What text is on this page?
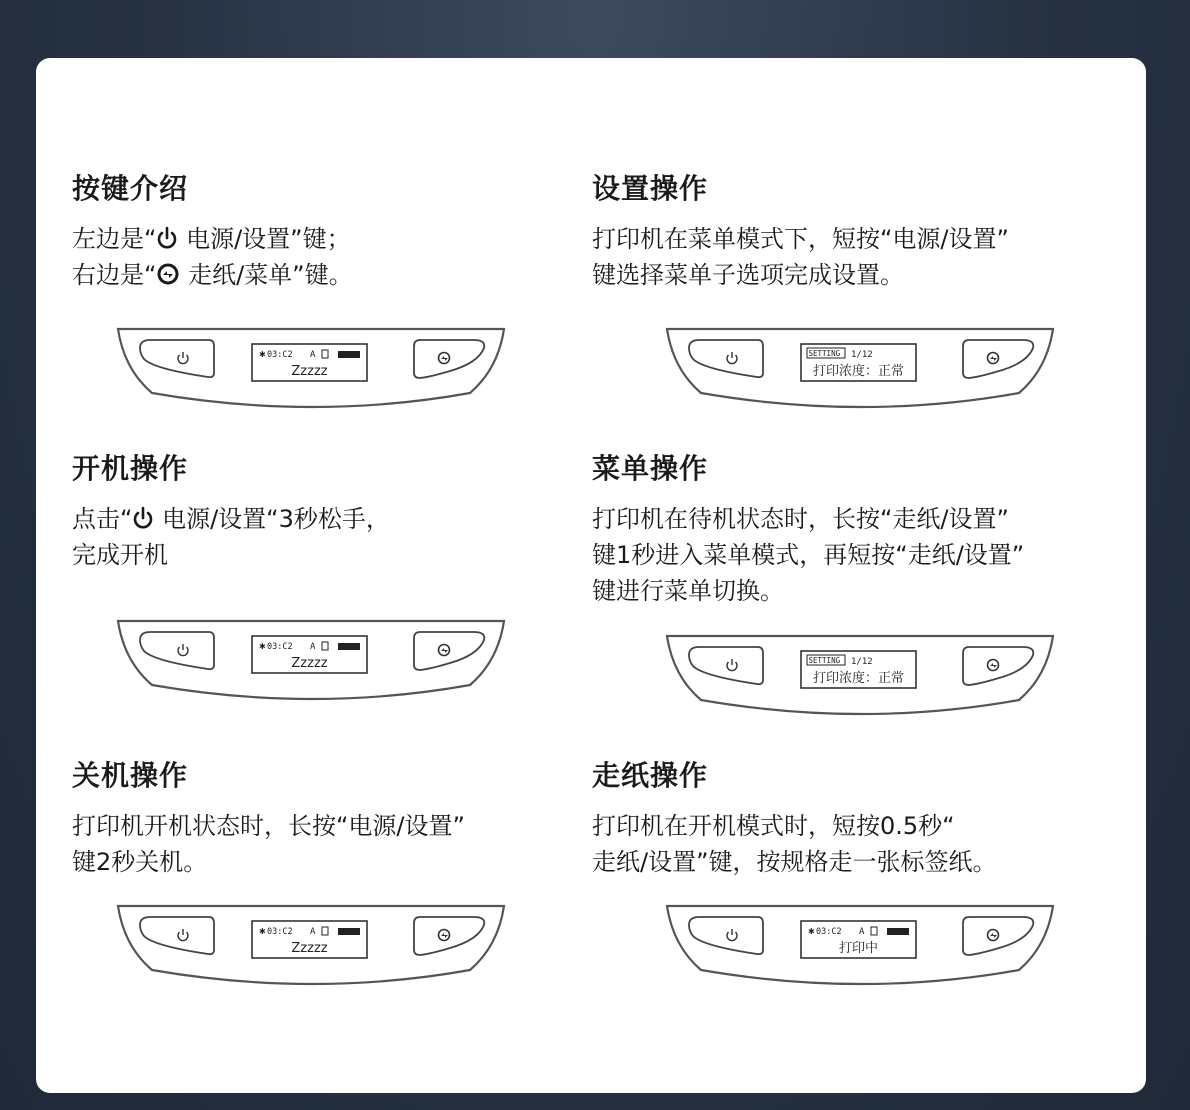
按键介绍
左边是“ 电源/设置”键；
右边是“ 走纸/菜单”键。
设置操作
打印机在菜单模式下，短按“电源/设置”
键选择菜单子选项完成设置。
开机操作
点击“ 电源/设置“3秒松手，
完成开机
菜单操作
打印机在待机状态时，长按“走纸/设置”
键1秒进入菜单模式，再短按“走纸/设置”
键进行菜单切换。
关机操作
打印机开机状态时，长按“电源/设置”
键2秒关机。
走纸操作
打印机在开机模式时，短按0.5秒“
走纸/设置”键，按规格走一张标签纸。
✱ 03:C2 A
Zzzzz
SETTING 1/12
打印浓度：正常
✱ 03:C2 A
Zzzzz	SETTING 1/12
打印浓度：正常
✱ 03:C2 A
Zzzzz
✱ 03:C2 A
打印中
